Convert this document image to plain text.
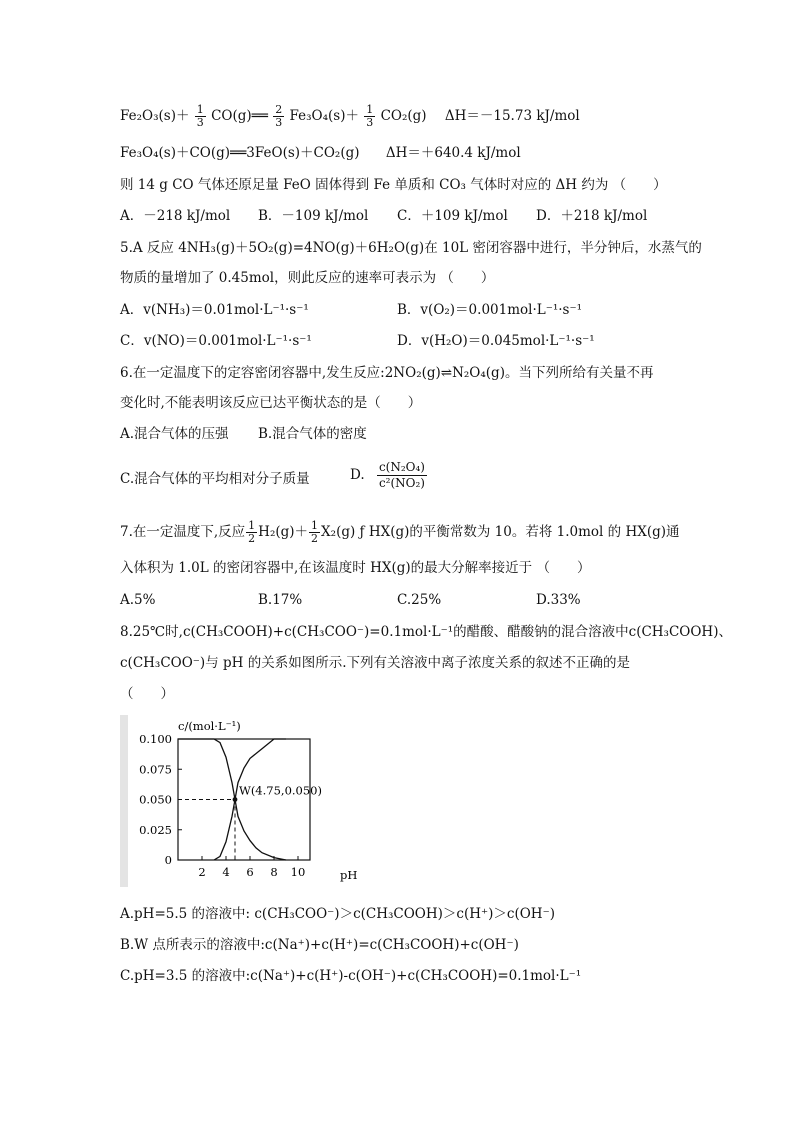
$Fe_2O_3(s)+ \frac{1}{3}$ CO(g)══ $\frac{2}{3} Fe_3O_4(s)+ \frac{1}{3} CO_2(g)$ ΔH＝－15.73 kJ/mol
Fe₃O₄(s)＋CO(g)══3FeO(s)＋CO₂(g) ΔH＝＋640.4 kJ/mol
则 14 g CO 气体还原足量 FeO 固体得到 Fe 单质和 CO₃ 气体时对应的 ΔH 约为 （　　）
A．－218 kJ/mol B．－109 kJ/mol C．＋109 kJ/mol D．＋218 kJ/mol
5.A 反应 4NH₃(g)＋5O₂(g)=4NO(g)＋6H₂O(g)在 10L 密闭容器中进行，半分钟后，水蒸气的
物质的量增加了 0.45mol，则此反应的速率可表示为 （　　）
A．v(NH₃)＝0.01mol·L⁻¹·s⁻¹	B．v(O₂)＝0.001mol·L⁻¹·s⁻¹
C．v(NO)＝0.001mol·L⁻¹·s⁻¹	D．v(H₂O)＝0.045mol·L⁻¹·s⁻¹
6.在一定温度下的定容密闭容器中,发生反应:2NO₂(g)⇌N₂O₄(g)。当下列所给有关量不再
变化时,不能表明该反应已达平衡状态的是（　　）
A.混合气体的压强 B.混合气体的密度
C.混合气体的平均相对分子质量	D. $\frac{\text{c(N₂O₄)}}{\text{c²(NO₂)}}$
7.在一定温度下,反应 $\frac{1}{2} H_2(g)+ \frac{1}{2} X_2(g)$ ƒ HX(g)的平衡常数为 10。若将 1.0mol 的 HX(g)通
入体积为 1.0L 的密闭容器中,在该温度时 HX(g)的最大分解率接近于 （　　）
A.5%	B.17%	C.25%	D.33%
8.25℃时,c(CH₃COOH)+c(CH₃COO⁻)=0.1mol·L⁻¹的醋酸、醋酸钠的混合溶液中c(CH₃COOH)、
c(CH₃COO⁻)与 pH 的关系如图所示.下列有关溶液中离子浓度关系的叙述不正确的是
（　　）
c/(mol·L⁻¹)
pH
0.100
0.075
0.050
0.025
0
2 4 6 8 10
W(4.75,0.050)
A.pH=5.5 的溶液中: c(CH₃COO⁻)＞c(CH₃COOH)＞c(H⁺)＞c(OH⁻)
B.W 点所表示的溶液中:c(Na⁺)+c(H⁺)=c(CH₃COOH)+c(OH⁻)
C.pH=3.5 的溶液中:c(Na⁺)+c(H⁺)-c(OH⁻)+c(CH₃COOH)=0.1mol·L⁻¹
